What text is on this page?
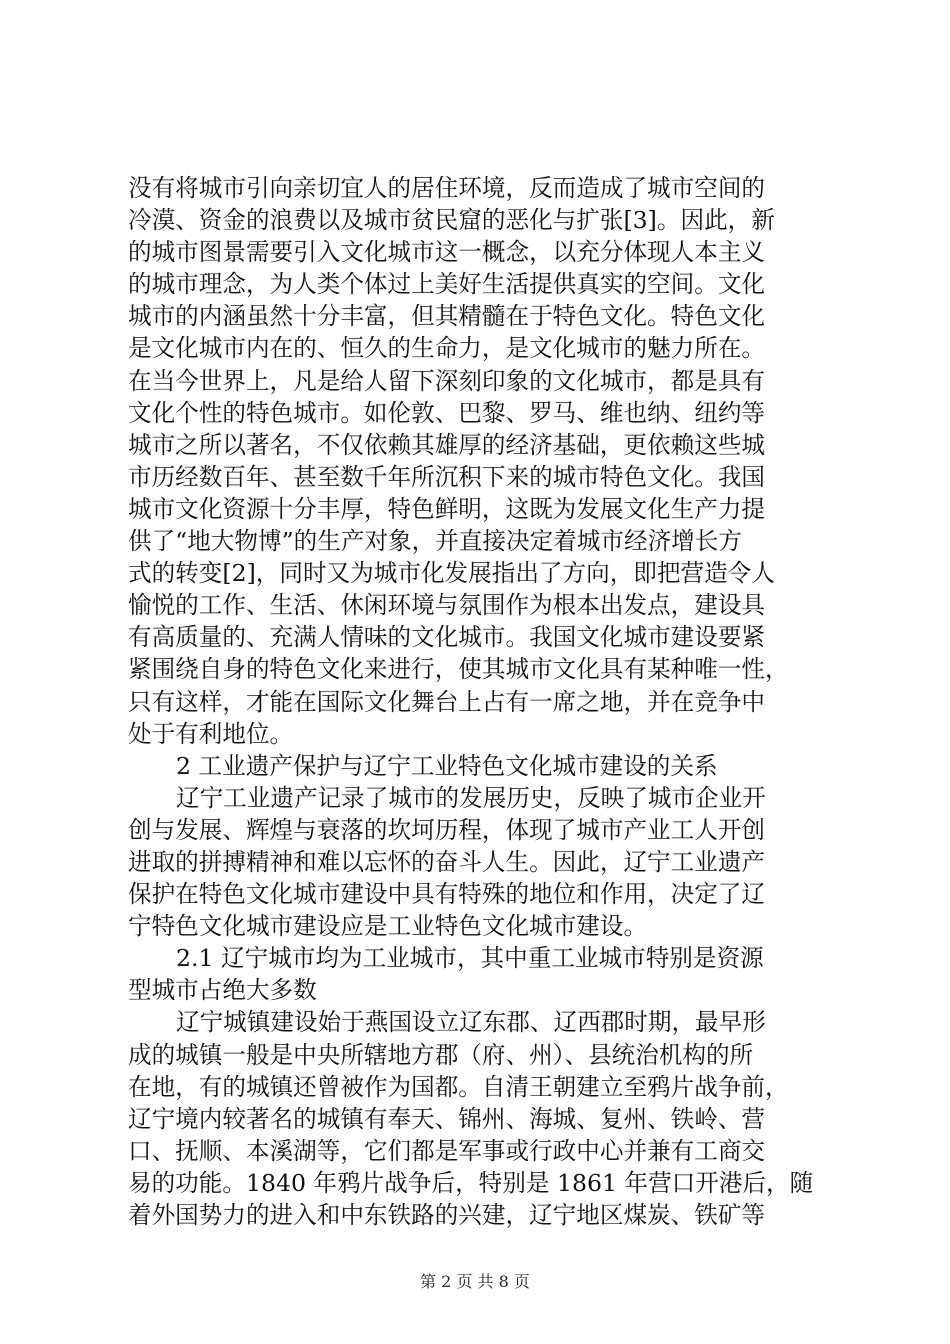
没有将城市引向亲切宜人的居住环境，反而造成了城市空间的
冷漠、资金的浪费以及城市贫民窟的恶化与扩张[3]。因此，新
的城市图景需要引入文化城市这一概念，以充分体现人本主义
的城市理念，为人类个体过上美好生活提供真实的空间。文化
城市的内涵虽然十分丰富，但其精髓在于特色文化。特色文化
是文化城市内在的、恒久的生命力，是文化城市的魅力所在。
在当今世界上，凡是给人留下深刻印象的文化城市，都是具有
文化个性的特色城市。如伦敦、巴黎、罗马、维也纳、纽约等
城市之所以著名，不仅依赖其雄厚的经济基础，更依赖这些城
市历经数百年、甚至数千年所沉积下来的城市特色文化。我国
城市文化资源十分丰厚，特色鲜明，这既为发展文化生产力提
供了“地大物博”的生产对象，并直接决定着城市经济增长方
式的转变[2]，同时又为城市化发展指出了方向，即把营造令人
愉悦的工作、生活、休闲环境与氛围作为根本出发点，建设具
有高质量的、充满人情味的文化城市。我国文化城市建设要紧
紧围绕自身的特色文化来进行，使其城市文化具有某种唯一性，
只有这样，才能在国际文化舞台上占有一席之地，并在竞争中
处于有利地位。
2 工业遗产保护与辽宁工业特色文化城市建设的关系
辽宁工业遗产记录了城市的发展历史，反映了城市企业开
创与发展、辉煌与衰落的坎坷历程，体现了城市产业工人开创
进取的拼搏精神和难以忘怀的奋斗人生。因此，辽宁工业遗产
保护在特色文化城市建设中具有特殊的地位和作用，决定了辽
宁特色文化城市建设应是工业特色文化城市建设。
2.1 辽宁城市均为工业城市，其中重工业城市特别是资源
型城市占绝大多数
辽宁城镇建设始于燕国设立辽东郡、辽西郡时期，最早形
成的城镇一般是中央所辖地方郡（府、州）、县统治机构的所
在地，有的城镇还曾被作为国都。自清王朝建立至鸦片战争前，
辽宁境内较著名的城镇有奉天、锦州、海城、复州、铁岭、营
口、抚顺、本溪湖等，它们都是军事或行政中心并兼有工商交
易的功能。1840 年鸦片战争后，特别是 1861 年营口开港后，随
着外国势力的进入和中东铁路的兴建，辽宁地区煤炭、铁矿等
第 2 页 共 8 页
